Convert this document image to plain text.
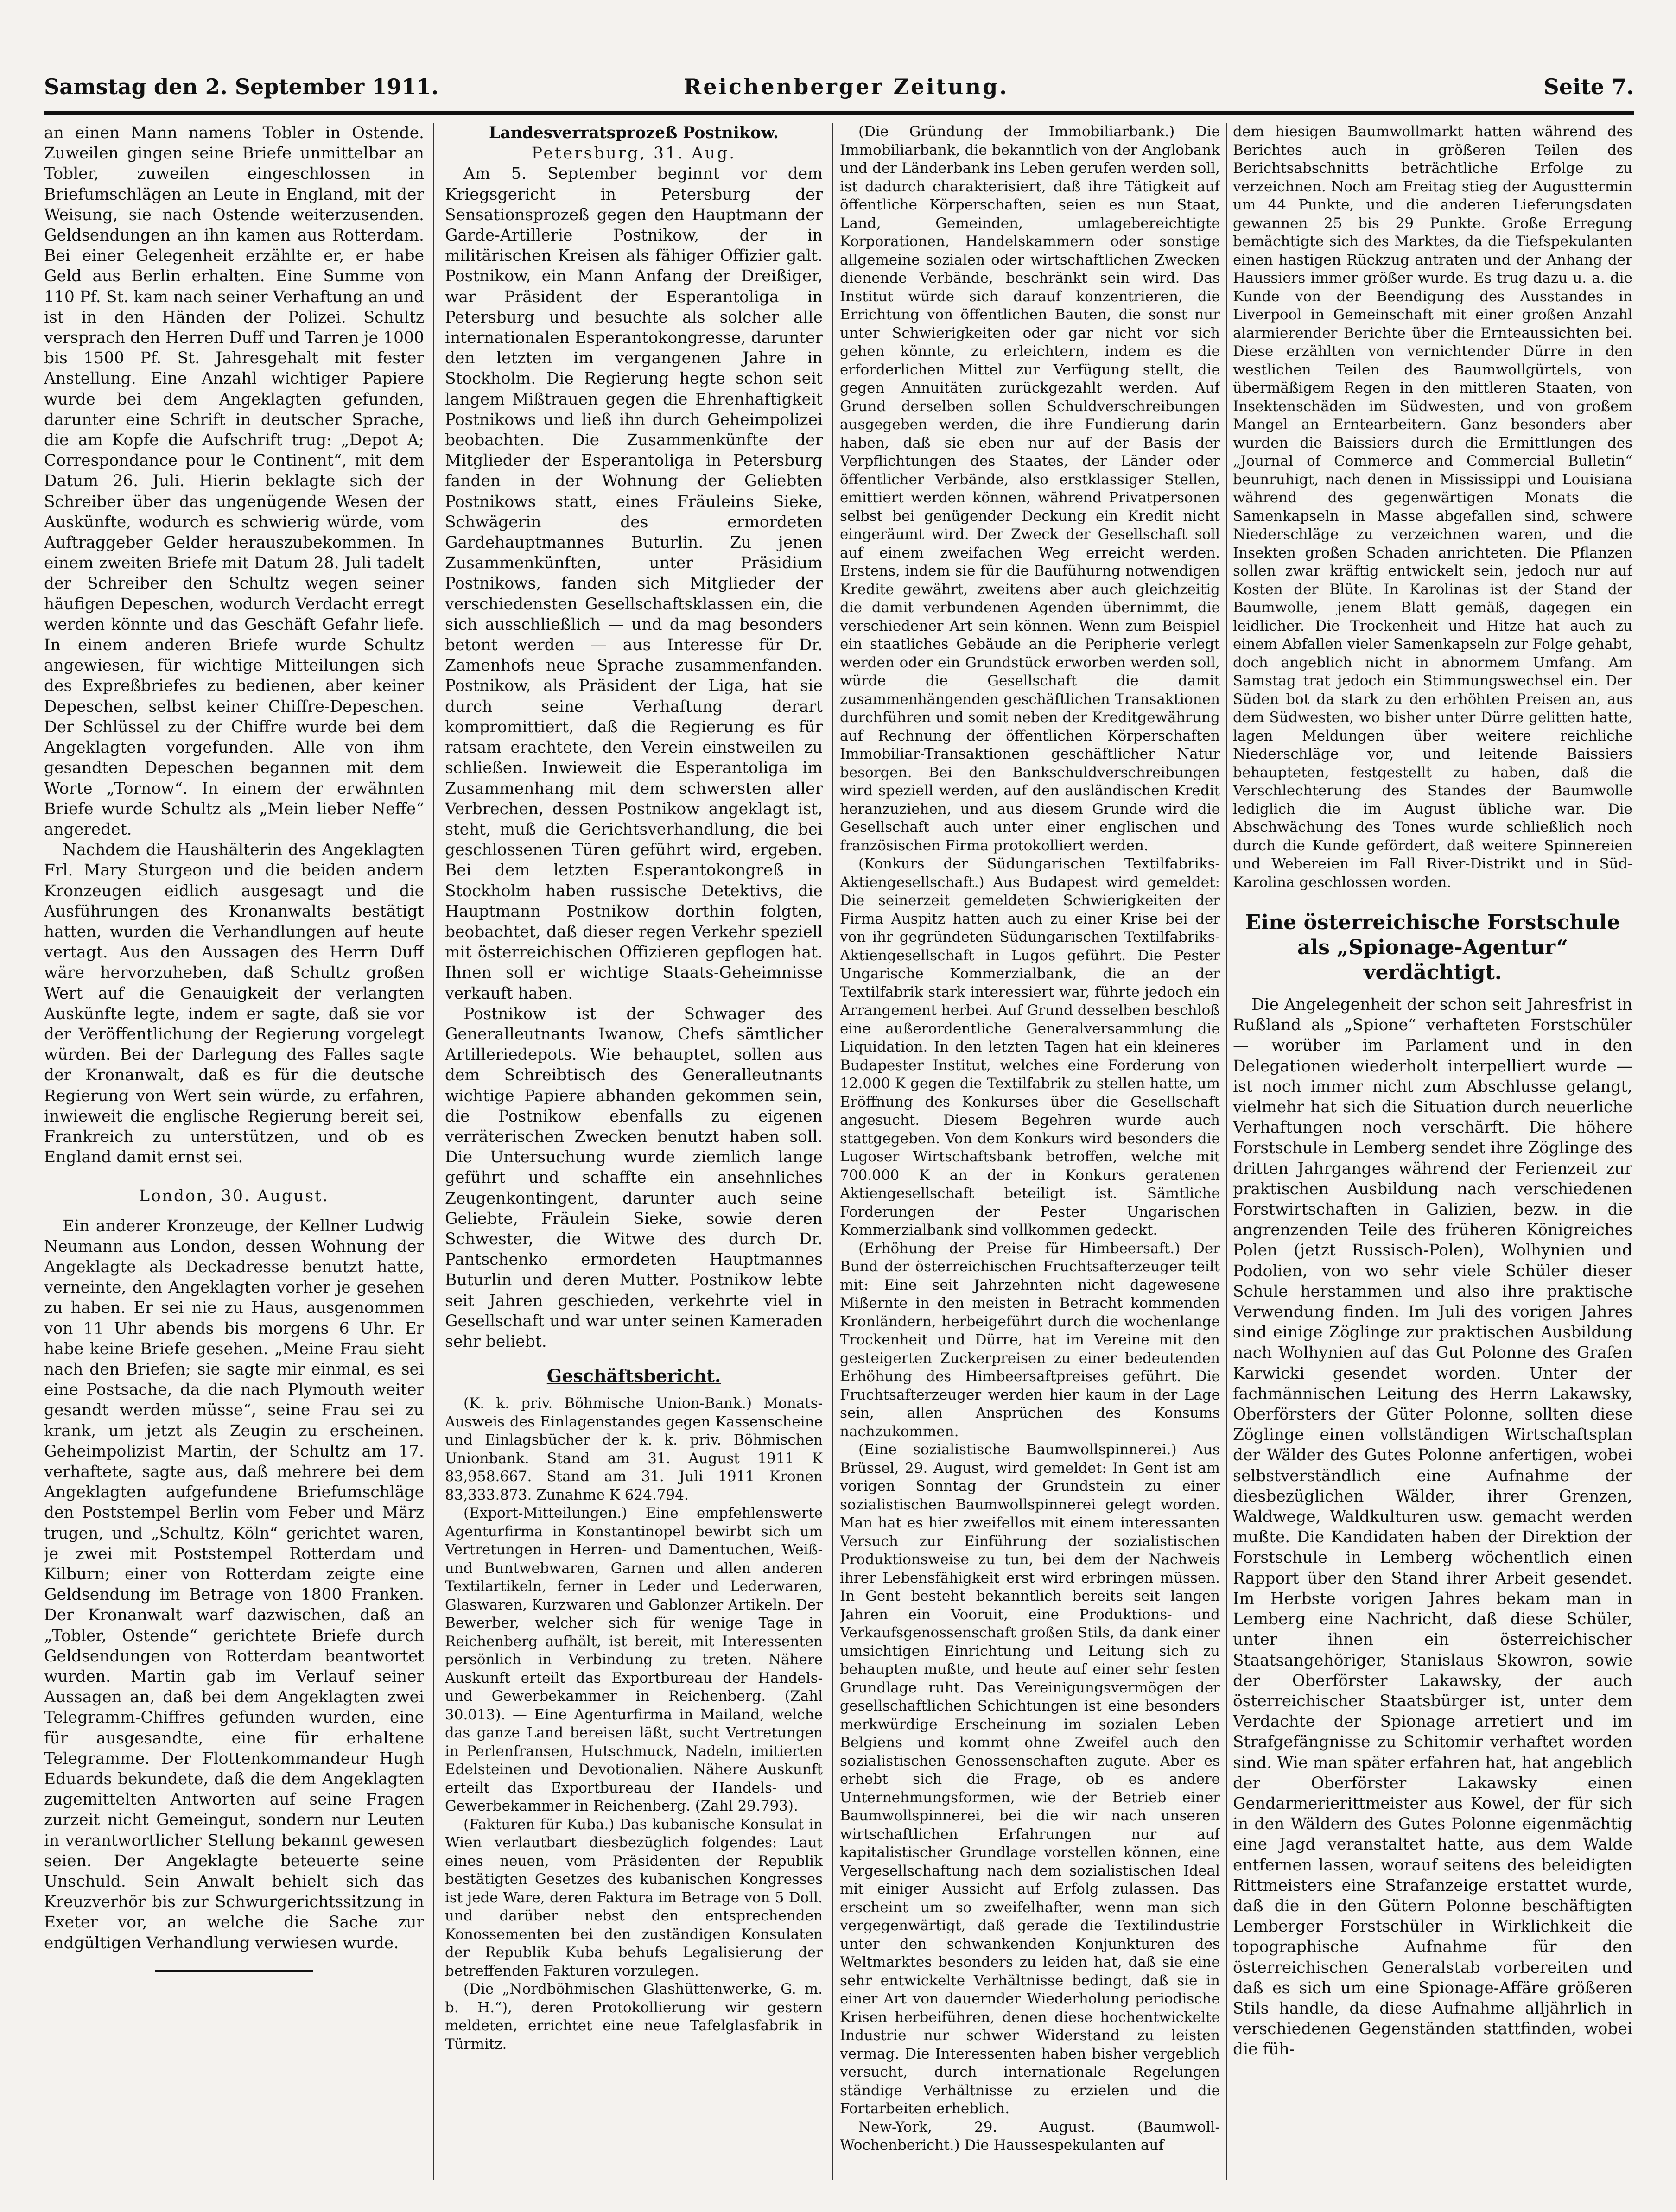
Samstag den 2. September 1911.	Reichenberger Zeitung.	Seite 7.

an einen Mann namens Tobler in Ostende. Zuweilen gingen seine Briefe unmittelbar an Tobler, zuweilen eingeschlossen in Briefumschlägen an Leute in England, mit der Weisung, sie nach Ostende weiterzusenden. Geldsendungen an ihn kamen aus Rotterdam. Bei einer Gelegenheit erzählte er, er habe Geld aus Berlin erhalten. Eine Summe von 110 Pf. St. kam nach seiner Verhaftung an und ist in den Händen der Polizei. Schultz versprach den Herren Duff und Tarren je 1000 bis 1500 Pf. St. Jahresgehalt mit fester Anstellung. Eine Anzahl wichtiger Papiere wurde bei dem Angeklagten gefunden, darunter eine Schrift in deutscher Sprache, die am Kopfe die Aufschrift trug: „Depot A; Correspondance pour le Continent“, mit dem Datum 26. Juli. Hierin beklagte sich der Schreiber über das ungenügende Wesen der Auskünfte, wodurch es schwierig würde, vom Auftraggeber Gelder herauszubekommen. In einem zweiten Briefe mit Datum 28. Juli tadelt der Schreiber den Schultz wegen seiner häufigen Depeschen, wodurch Verdacht erregt werden könnte und das Geschäft Gefahr liefe. In einem anderen Briefe wurde Schultz angewiesen, für wichtige Mitteilungen sich des Expreßbriefes zu bedienen, aber keiner Depeschen, selbst keiner Chiffre-Depeschen. Der Schlüssel zu der Chiffre wurde bei dem Angeklagten vorgefunden. Alle von ihm gesandten Depeschen begannen mit dem Worte „Tornow“. In einem der erwähnten Briefe wurde Schultz als „Mein lieber Neffe“ angeredet.

Nachdem die Haushälterin des Angeklagten Frl. Mary Sturgeon und die beiden andern Kronzeugen eidlich ausgesagt und die Ausführungen des Kronanwalts bestätigt hatten, wurden die Verhandlungen auf heute vertagt. Aus den Aussagen des Herrn Duff wäre hervorzuheben, daß Schultz großen Wert auf die Genauigkeit der verlangten Auskünfte legte, indem er sagte, daß sie vor der Veröffentlichung der Regierung vorgelegt würden. Bei der Darlegung des Falles sagte der Kronanwalt, daß es für die deutsche Regierung von Wert sein würde, zu erfahren, inwieweit die englische Regierung bereit sei, Frankreich zu unterstützen, und ob es England damit ernst sei.

London, 30. August.

Ein anderer Kronzeuge, der Kellner Ludwig Neumann aus London, dessen Wohnung der Angeklagte als Deckadresse benutzt hatte, verneinte, den Angeklagten vorher je gesehen zu haben. Er sei nie zu Haus, ausgenommen von 11 Uhr abends bis morgens 6 Uhr. Er habe keine Briefe gesehen. „Meine Frau sieht nach den Briefen; sie sagte mir einmal, es sei eine Postsache, da die nach Plymouth weiter gesandt werden müsse“, seine Frau sei zu krank, um jetzt als Zeugin zu erscheinen. Geheimpolizist Martin, der Schultz am 17. verhaftete, sagte aus, daß mehrere bei dem Angeklagten aufgefundene Briefumschläge den Poststempel Berlin vom Feber und März trugen, und „Schultz, Köln“ gerichtet waren, je zwei mit Poststempel Rotterdam und Kilburn; einer von Rotterdam zeigte eine Geldsendung im Betrage von 1800 Franken. Der Kronanwalt warf dazwischen, daß an „Tobler, Ostende“ gerichtete Briefe durch Geldsendungen von Rotterdam beantwortet wurden. Martin gab im Verlauf seiner Aussagen an, daß bei dem Angeklagten zwei Telegramm-Chiffres gefunden wurden, eine für ausgesandte, eine für erhaltene Telegramme. Der Flottenkommandeur Hugh Eduards bekundete, daß die dem Angeklagten zugemittelten Antworten auf seine Fragen zurzeit nicht Gemeingut, sondern nur Leuten in verantwortlicher Stellung bekannt gewesen seien. Der Angeklagte beteuerte seine Unschuld. Sein Anwalt behielt sich das Kreuzverhör bis zur Schwurgerichtssitzung in Exeter vor, an welche die Sache zur endgültigen Verhandlung verwiesen wurde.

Landesverratsprozeß Postnikow.

Petersburg, 31. Aug.

Am 5. September beginnt vor dem Kriegsgericht in Petersburg der Sensationsprozeß gegen den Hauptmann der Garde-Artillerie Postnikow, der in militärischen Kreisen als fähiger Offizier galt. Postnikow, ein Mann Anfang der Dreißiger, war Präsident der Esperantoliga in Petersburg und besuchte als solcher alle internationalen Esperantokongresse, darunter den letzten im vergangenen Jahre in Stockholm. Die Regierung hegte schon seit langem Mißtrauen gegen die Ehrenhaftigkeit Postnikows und ließ ihn durch Geheimpolizei beobachten. Die Zusammenkünfte der Mitglieder der Esperantoliga in Petersburg fanden in der Wohnung der Geliebten Postnikows statt, eines Fräuleins Sieke, Schwägerin des ermordeten Gardehauptmannes Buturlin. Zu jenen Zusammenkünften, unter Präsidium Postnikows, fanden sich Mitglieder der verschiedensten Gesellschaftsklassen ein, die sich ausschließlich — und da mag besonders betont werden — aus Interesse für Dr. Zamenhofs neue Sprache zusammenfanden. Postnikow, als Präsident der Liga, hat sie durch seine Verhaftung derart kompromittiert, daß die Regierung es für ratsam erachtete, den Verein einstweilen zu schließen. Inwieweit die Esperantoliga im Zusammenhang mit dem schwersten aller Verbrechen, dessen Postnikow angeklagt ist, steht, muß die Gerichtsverhandlung, die bei geschlossenen Türen geführt wird, ergeben. Bei dem letzten Esperantokongreß in Stockholm haben russische Detektivs, die Hauptmann Postnikow dorthin folgten, beobachtet, daß dieser regen Verkehr speziell mit österreichischen Offizieren gepflogen hat. Ihnen soll er wichtige Staats-Geheimnisse verkauft haben.

Postnikow ist der Schwager des Generalleutnants Iwanow, Chefs sämtlicher Artilleriedepots. Wie behauptet, sollen aus dem Schreibtisch des Generalleutnants wichtige Papiere abhanden gekommen sein, die Postnikow ebenfalls zu eigenen verräterischen Zwecken benutzt haben soll. Die Untersuchung wurde ziemlich lange geführt und schaffte ein ansehnliches Zeugenkontingent, darunter auch seine Geliebte, Fräulein Sieke, sowie deren Schwester, die Witwe des durch Dr. Pantschenko ermordeten Hauptmannes Buturlin und deren Mutter. Postnikow lebte seit Jahren geschieden, verkehrte viel in Gesellschaft und war unter seinen Kameraden sehr beliebt.

Geschäftsbericht.

(K. k. priv. Böhmische Union-Bank.) Monats-Ausweis des Einlagenstandes gegen Kassenscheine und Einlagsbücher der k. k. priv. Böhmischen Unionbank. Stand am 31. August 1911 K 83,958.667. Stand am 31. Juli 1911 Kronen 83,333.873. Zunahme K 624.794.

(Export-Mitteilungen.) Eine empfehlenswerte Agenturfirma in Konstantinopel bewirbt sich um Vertretungen in Herren- und Damentuchen, Weiß- und Buntwebwaren, Garnen und allen anderen Textilartikeln, ferner in Leder und Lederwaren, Glaswaren, Kurzwaren und Gablonzer Artikeln. Der Bewerber, welcher sich für wenige Tage in Reichenberg aufhält, ist bereit, mit Interessenten persönlich in Verbindung zu treten. Nähere Auskunft erteilt das Exportbureau der Handels- und Gewerbekammer in Reichenberg. (Zahl 30.013). — Eine Agenturfirma in Mailand, welche das ganze Land bereisen läßt, sucht Vertretungen in Perlenfransen, Hutschmuck, Nadeln, imitierten Edelsteinen und Devotionalien. Nähere Auskunft erteilt das Exportbureau der Handels- und Gewerbekammer in Reichenberg. (Zahl 29.793).

(Fakturen für Kuba.) Das kubanische Konsulat in Wien verlautbart diesbezüglich folgendes: Laut eines neuen, vom Präsidenten der Republik bestätigten Gesetzes des kubanischen Kongresses ist jede Ware, deren Faktura im Betrage von 5 Doll. und darüber nebst den entsprechenden Konossementen bei den zuständigen Konsulaten der Republik Kuba behufs Legalisierung der betreffenden Fakturen vorzulegen.

(Die „Nordböhmischen Glashüttenwerke, G. m. b. H.“), deren Protokollierung wir gestern meldeten, errichtet eine neue Tafelglasfabrik in Türmitz.

(Die Gründung der Immobiliarbank.) Die Immobiliarbank, die bekanntlich von der Anglobank und der Länderbank ins Leben gerufen werden soll, ist dadurch charakterisiert, daß ihre Tätigkeit auf öffentliche Körperschaften, seien es nun Staat, Land, Gemeinden, umlagebereichtigte Korporationen, Handelskammern oder sonstige allgemeine sozialen oder wirtschaftlichen Zwecken dienende Verbände, beschränkt sein wird. Das Institut würde sich darauf konzentrieren, die Errichtung von öffentlichen Bauten, die sonst nur unter Schwierigkeiten oder gar nicht vor sich gehen könnte, zu erleichtern, indem es die erforderlichen Mittel zur Verfügung stellt, die gegen Annuitäten zurückgezahlt werden. Auf Grund derselben sollen Schuldverschreibungen ausgegeben werden, die ihre Fundierung darin haben, daß sie eben nur auf der Basis der Verpflichtungen des Staates, der Länder oder öffentlicher Verbände, also erstklassiger Stellen, emittiert werden können, während Privatpersonen selbst bei genügender Deckung ein Kredit nicht eingeräumt wird. Der Zweck der Gesellschaft soll auf einem zweifachen Weg erreicht werden. Erstens, indem sie für die Baufühurng notwendigen Kredite gewährt, zweitens aber auch gleichzeitig die damit verbundenen Agenden übernimmt, die verschiedener Art sein können. Wenn zum Beispiel ein staatliches Gebäude an die Peripherie verlegt werden oder ein Grundstück erworben werden soll, würde die Gesellschaft die damit zusammenhängenden geschäftlichen Transaktionen durchführen und somit neben der Kreditgewährung auf Rechnung der öffentlichen Körperschaften Immobiliar-Transaktionen geschäftlicher Natur besorgen. Bei den Bankschuldverschreibungen wird speziell werden, auf den ausländischen Kredit heranzuziehen, und aus diesem Grunde wird die Gesellschaft auch unter einer englischen und französischen Firma protokolliert werden.

(Konkurs der Südungarischen Textilfabriks-Aktiengesellschaft.) Aus Budapest wird gemeldet: Die seinerzeit gemeldeten Schwierigkeiten der Firma Auspitz hatten auch zu einer Krise bei der von ihr gegründeten Südungarischen Textilfabriks-Aktiengesellschaft in Lugos geführt. Die Pester Ungarische Kommerzialbank, die an der Textilfabrik stark interessiert war, führte jedoch ein Arrangement herbei. Auf Grund desselben beschloß eine außerordentliche Generalversammlung die Liquidation. In den letzten Tagen hat ein kleineres Budapester Institut, welches eine Forderung von 12.000 K gegen die Textilfabrik zu stellen hatte, um Eröffnung des Konkurses über die Gesellschaft angesucht. Diesem Begehren wurde auch stattgegeben. Von dem Konkurs wird besonders die Lugoser Wirtschaftsbank betroffen, welche mit 700.000 K an der in Konkurs geratenen Aktiengesellschaft beteiligt ist. Sämtliche Forderungen der Pester Ungarischen Kommerzialbank sind vollkommen gedeckt.

(Erhöhung der Preise für Himbeersaft.) Der Bund der österreichischen Fruchtsafterzeuger teilt mit: Eine seit Jahrzehnten nicht dagewesene Mißernte in den meisten in Betracht kommenden Kronländern, herbeigeführt durch die wochenlange Trockenheit und Dürre, hat im Vereine mit den gesteigerten Zuckerpreisen zu einer bedeutenden Erhöhung des Himbeersaftpreises geführt. Die Fruchtsafterzeuger werden hier kaum in der Lage sein, allen Ansprüchen des Konsums nachzukommen.

(Eine sozialistische Baumwollspinnerei.) Aus Brüssel, 29. August, wird gemeldet: In Gent ist am vorigen Sonntag der Grundstein zu einer sozialistischen Baumwollspinnerei gelegt worden. Man hat es hier zweifellos mit einem interessanten Versuch zur Einführung der sozialistischen Produktionsweise zu tun, bei dem der Nachweis ihrer Lebensfähigkeit erst wird erbringen müssen. In Gent besteht bekanntlich bereits seit langen Jahren ein Vooruit, eine Produktions- und Verkaufsgenossenschaft großen Stils, da dank einer umsichtigen Einrichtung und Leitung sich zu behaupten mußte, und heute auf einer sehr festen Grundlage ruht. Das Vereinigungsvermögen der gesellschaftlichen Schichtungen ist eine besonders merkwürdige Erscheinung im sozialen Leben Belgiens und kommt ohne Zweifel auch den sozialistischen Genossenschaften zugute. Aber es erhebt sich die Frage, ob es andere Unternehmungsformen, wie der Betrieb einer Baumwollspinnerei, bei die wir nach unseren wirtschaftlichen Erfahrungen nur auf kapitalistischer Grundlage vorstellen können, eine Vergesellschaftung nach dem sozialistischen Ideal mit einiger Aussicht auf Erfolg zulassen. Das erscheint um so zweifelhafter, wenn man sich vergegenwärtigt, daß gerade die Textilindustrie unter den schwankenden Konjunkturen des Weltmarktes besonders zu leiden hat, daß sie eine sehr entwickelte Verhältnisse bedingt, daß sie in einer Art von dauernder Wiederholung periodische Krisen herbeiführen, denen diese hochentwickelte Industrie nur schwer Widerstand zu leisten vermag. Die Interessenten haben bisher vergeblich versucht, durch internationale Regelungen ständige Verhältnisse zu erzielen und die Fortarbeiten erheblich.

New-York, 29. August. (Baumwoll-Wochenbericht.) Die Haussespekulanten auf

dem hiesigen Baumwollmarkt hatten während des Berichtes auch in größeren Teilen des Berichtsabschnitts beträchtliche Erfolge zu verzeichnen. Noch am Freitag stieg der Augusttermin um 44 Punkte, und die anderen Lieferungsdaten gewannen 25 bis 29 Punkte. Große Erregung bemächtigte sich des Marktes, da die Tiefspekulanten einen hastigen Rückzug antraten und der Anhang der Haussiers immer größer wurde. Es trug dazu u. a. die Kunde von der Beendigung des Ausstandes in Liverpool in Gemeinschaft mit einer großen Anzahl alarmierender Berichte über die Ernteaussichten bei. Diese erzählten von vernichtender Dürre in den westlichen Teilen des Baumwollgürtels, von übermäßigem Regen in den mittleren Staaten, von Insektenschäden im Südwesten, und von großem Mangel an Erntearbeitern. Ganz besonders aber wurden die Baissiers durch die Ermittlungen des „Journal of Commerce and Commercial Bulletin“ beunruhigt, nach denen in Mississippi und Louisiana während des gegenwärtigen Monats die Samenkapseln in Masse abgefallen sind, schwere Niederschläge zu verzeichnen waren, und die Insekten großen Schaden anrichteten. Die Pflanzen sollen zwar kräftig entwickelt sein, jedoch nur auf Kosten der Blüte. In Karolinas ist der Stand der Baumwolle, jenem Blatt gemäß, dagegen ein leidlicher. Die Trockenheit und Hitze hat auch zu einem Abfallen vieler Samenkapseln zur Folge gehabt, doch angeblich nicht in abnormem Umfang. Am Samstag trat jedoch ein Stimmungswechsel ein. Der Süden bot da stark zu den erhöhten Preisen an, aus dem Südwesten, wo bisher unter Dürre gelitten hatte, lagen Meldungen über weitere reichliche Niederschläge vor, und leitende Baissiers behaupteten, festgestellt zu haben, daß die Verschlechterung des Standes der Baumwolle lediglich die im August übliche war. Die Abschwächung des Tones wurde schließlich noch durch die Kunde gefördert, daß weitere Spinnereien und Webereien im Fall River-Distrikt und in Süd-Karolina geschlossen worden.

Eine österreichische Forstschule als „Spionage-Agentur“ verdächtigt.

Die Angelegenheit der schon seit Jahresfrist in Rußland als „Spione“ verhafteten Forstschüler — worüber im Parlament und in den Delegationen wiederholt interpelliert wurde — ist noch immer nicht zum Abschlusse gelangt, vielmehr hat sich die Situation durch neuerliche Verhaftungen noch verschärft. Die höhere Forstschule in Lemberg sendet ihre Zöglinge des dritten Jahrganges während der Ferienzeit zur praktischen Ausbildung nach verschiedenen Forstwirtschaften in Galizien, bezw. in die angrenzenden Teile des früheren Königreiches Polen (jetzt Russisch-Polen), Wolhynien und Podolien, von wo sehr viele Schüler dieser Schule herstammen und also ihre praktische Verwendung finden. Im Juli des vorigen Jahres sind einige Zöglinge zur praktischen Ausbildung nach Wolhynien auf das Gut Polonne des Grafen Karwicki gesendet worden. Unter der fachmännischen Leitung des Herrn Lakawsky, Oberförsters der Güter Polonne, sollten diese Zöglinge einen vollständigen Wirtschaftsplan der Wälder des Gutes Polonne anfertigen, wobei selbstverständlich eine Aufnahme der diesbezüglichen Wälder, ihrer Grenzen, Waldwege, Waldkulturen usw. gemacht werden mußte. Die Kandidaten haben der Direktion der Forstschule in Lemberg wöchentlich einen Rapport über den Stand ihrer Arbeit gesendet. Im Herbste vorigen Jahres bekam man in Lemberg eine Nachricht, daß diese Schüler, unter ihnen ein österreichischer Staatsangehöriger, Stanislaus Skowron, sowie der Oberförster Lakawsky, der auch österreichischer Staatsbürger ist, unter dem Verdachte der Spionage arretiert und im Strafgefängnisse zu Schitomir verhaftet worden sind. Wie man später erfahren hat, hat angeblich der Oberförster Lakawsky einen Gendarmerierittmeister aus Kowel, der für sich in den Wäldern des Gutes Polonne eigenmächtig eine Jagd veranstaltet hatte, aus dem Walde entfernen lassen, worauf seitens des beleidigten Rittmeisters eine Strafanzeige erstattet wurde, daß die in den Gütern Polonne beschäftigten Lemberger Forstschüler in Wirklichkeit die topographische Aufnahme für den österreichischen Generalstab vorbereiten und daß es sich um eine Spionage-Affäre größeren Stils handle, da diese Aufnahme alljährlich in verschiedenen Gegenständen stattfinden, wobei die füh-
